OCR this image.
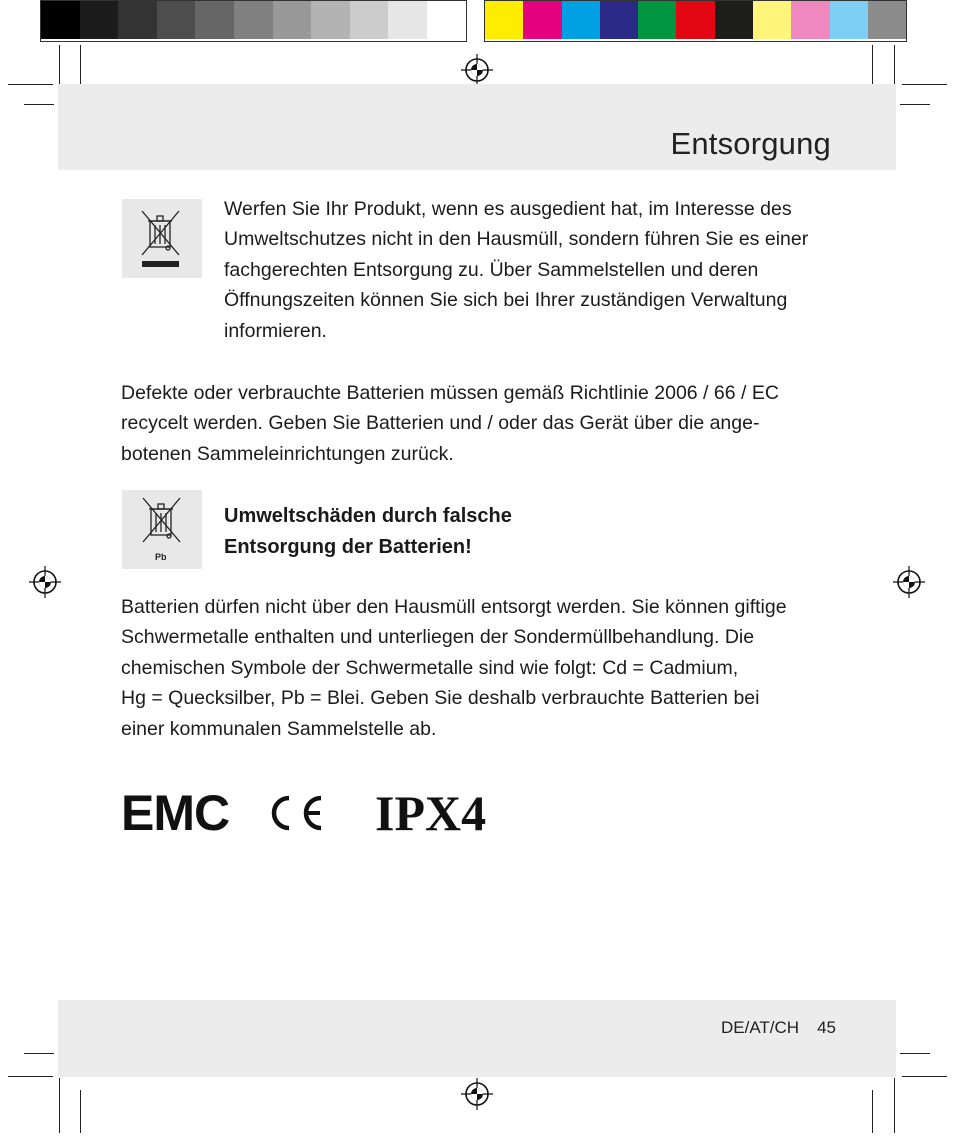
Entsorgung
Werfen Sie Ihr Produkt, wenn es ausgedient hat, im Interesse des
Umweltschutzes nicht in den Hausmüll, sondern führen Sie es einer
fachgerechten Entsorgung zu. Über Sammelstellen und deren
Öffnungszeiten können Sie sich bei Ihrer zuständigen Verwaltung
informieren.
Defekte oder verbrauchte Batterien müssen gemäß Richtlinie 2006 / 66 / EC
recycelt werden. Geben Sie Batterien und / oder das Gerät über die ange-
botenen Sammeleinrichtungen zurück.
Pb
Umweltschäden durch falsche
Entsorgung der Batterien!
Batterien dürfen nicht über den Hausmüll entsorgt werden. Sie können giftige
Schwermetalle enthalten und unterliegen der Sondermüllbehandlung. Die
chemischen Symbole der Schwermetalle sind wie folgt: Cd = Cadmium,
Hg = Quecksilber, Pb = Blei. Geben Sie deshalb verbrauchte Batterien bei
einer kommunalen Sammelstelle ab.
EMC	IPX4
DE/AT/CH 45
